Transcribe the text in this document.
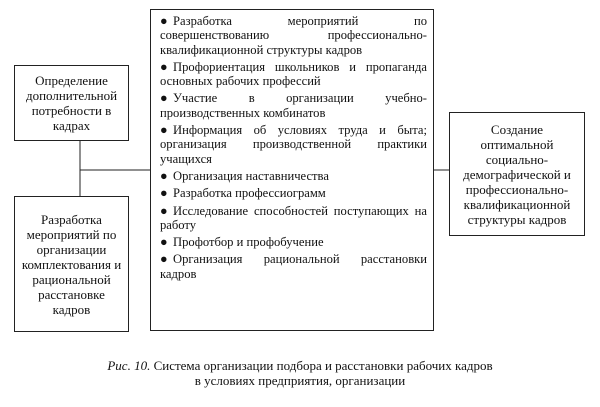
Определение дополнительной потребности в кадрах
Разработка мероприятий по организации комплектования и рациональной расстановке кадров
● Разработка мероприятий по совершенствованию профессионально-квалификационной структуры кадров
● Профориентация школьников и пропаганда основных рабочих профессий
● Участие в организации учебно-производственных комбинатов
● Информация об условиях труда и быта; организация производственной практики учащихся
● Организация наставничества
● Разработка профессиограмм
● Исследование способностей поступающих на работу
● Профотбор и профобучение
● Организация рациональной расстановки кадров
Создание оптимальной социально-демографической и профессионально-квалификационной структуры кадров
Рис. 10. Система организации подбора и расстановки рабочих кадров
в условиях предприятия, организации
